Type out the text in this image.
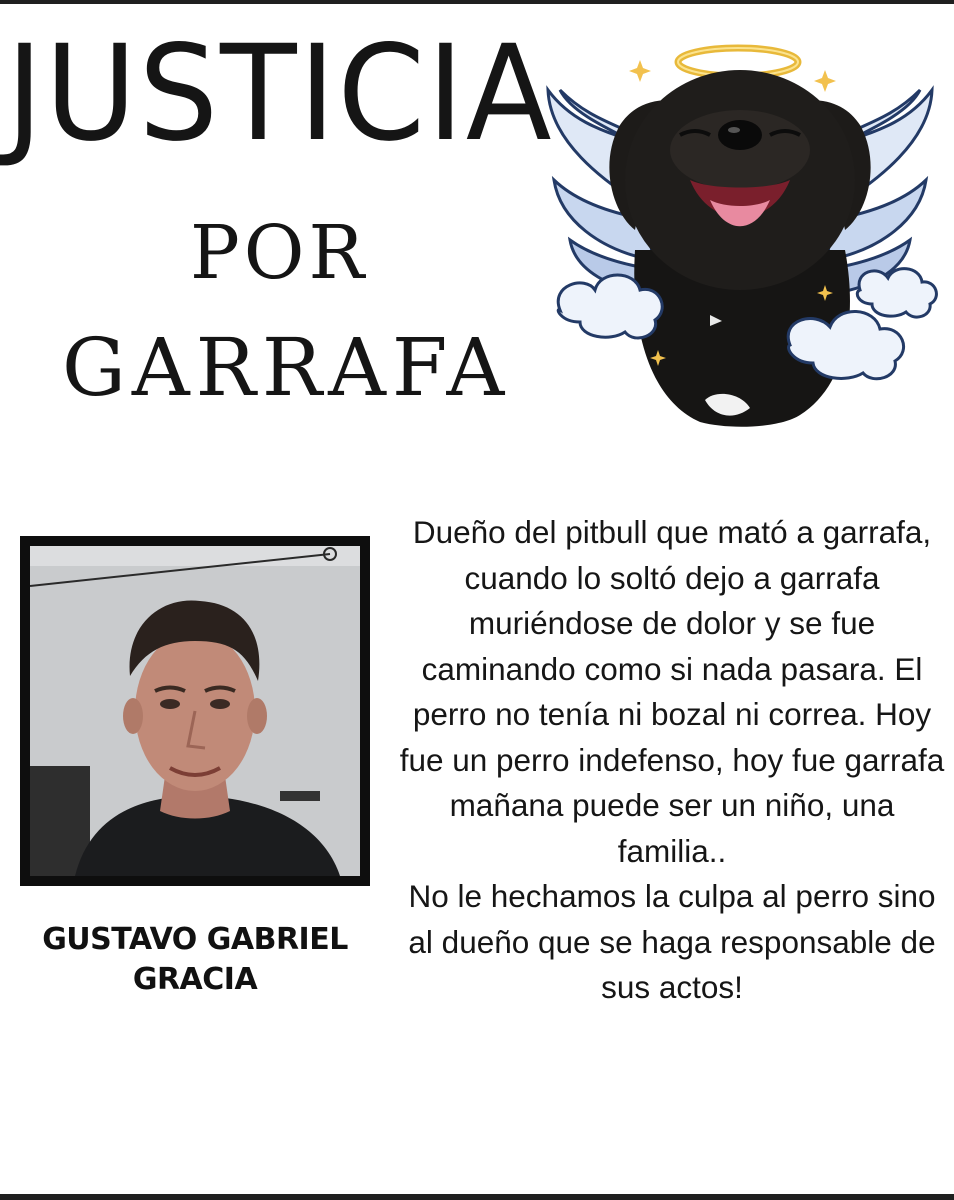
JUSTICIA
POR
GARRAFA
GUSTAVO GABRIEL GRACIA

Dueño del pitbull que mató a garrafa, cuando lo soltó dejo a garrafa muriéndose de dolor y se fue caminando como si nada pasara. El perro no tenía ni bozal ni correa. Hoy fue un perro indefenso, hoy fue garrafa mañana puede ser un niño, una familia..

No le hechamos la culpa al perro sino al dueño que se haga responsable de sus actos!
